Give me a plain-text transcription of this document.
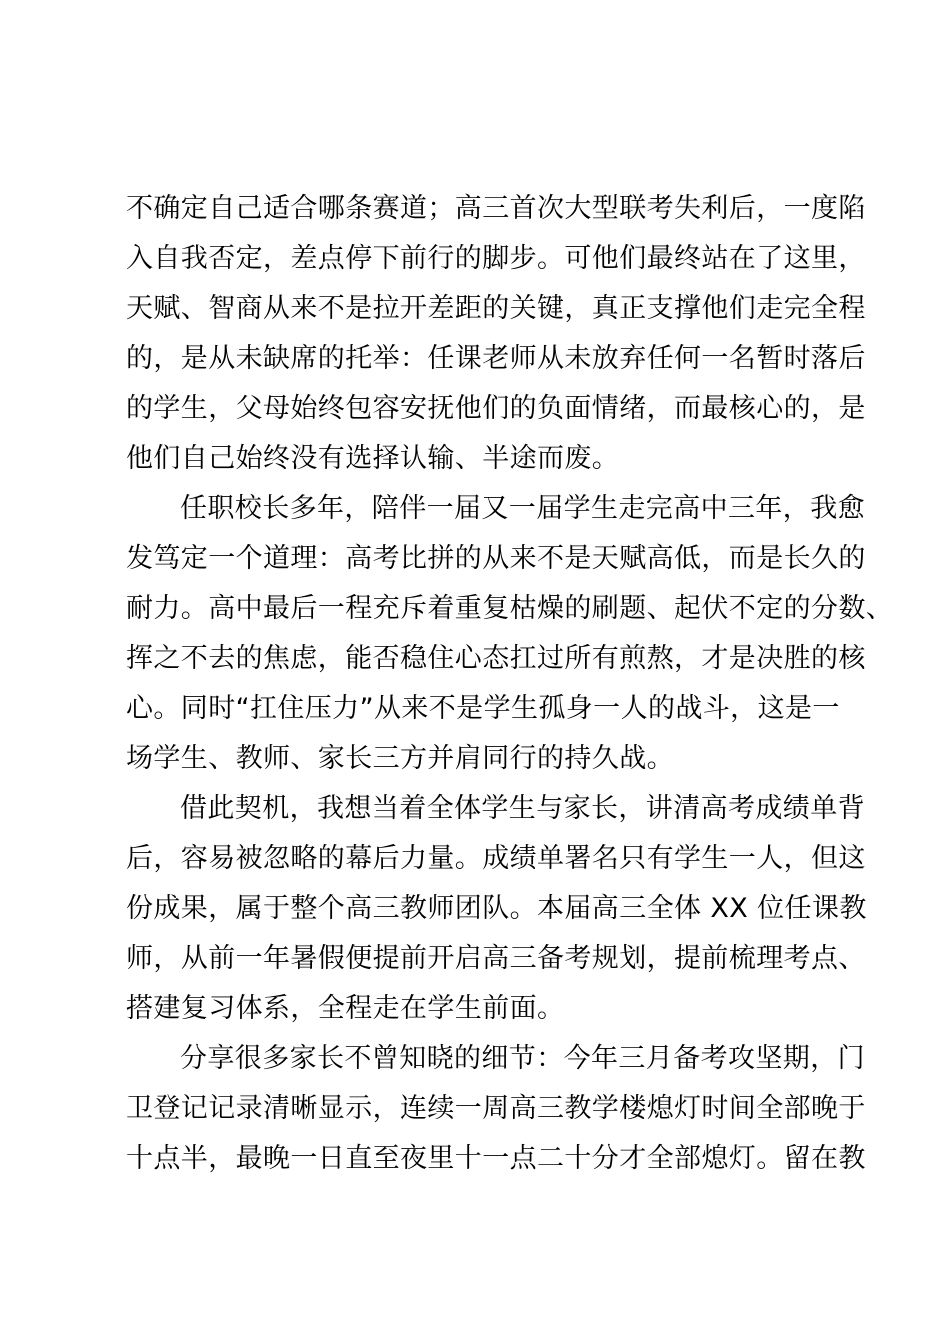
不确定自己适合哪条赛道；高三首次大型联考失利后，一度陷
入自我否定，差点停下前行的脚步。可他们最终站在了这里，
天赋、智商从来不是拉开差距的关键，真正支撑他们走完全程
的，是从未缺席的托举：任课老师从未放弃任何一名暂时落后
的学生，父母始终包容安抚他们的负面情绪，而最核心的，是
他们自己始终没有选择认输、半途而废。
任职校长多年，陪伴一届又一届学生走完高中三年，我愈
发笃定一个道理：高考比拼的从来不是天赋高低，而是长久的
耐力。高中最后一程充斥着重复枯燥的刷题、起伏不定的分数、
挥之不去的焦虑，能否稳住心态扛过所有煎熬，才是决胜的核
心。同时“扛住压力”从来不是学生孤身一人的战斗，这是一
场学生、教师、家长三方并肩同行的持久战。
借此契机，我想当着全体学生与家长，讲清高考成绩单背
后，容易被忽略的幕后力量。成绩单署名只有学生一人，但这
份成果，属于整个高三教师团队。本届高三全体 XX 位任课教
师，从前一年暑假便提前开启高三备考规划，提前梳理考点、
搭建复习体系，全程走在学生前面。
分享很多家长不曾知晓的细节：今年三月备考攻坚期，门
卫登记记录清晰显示，连续一周高三教学楼熄灯时间全部晚于
十点半，最晚一日直至夜里十一点二十分才全部熄灯。留在教
